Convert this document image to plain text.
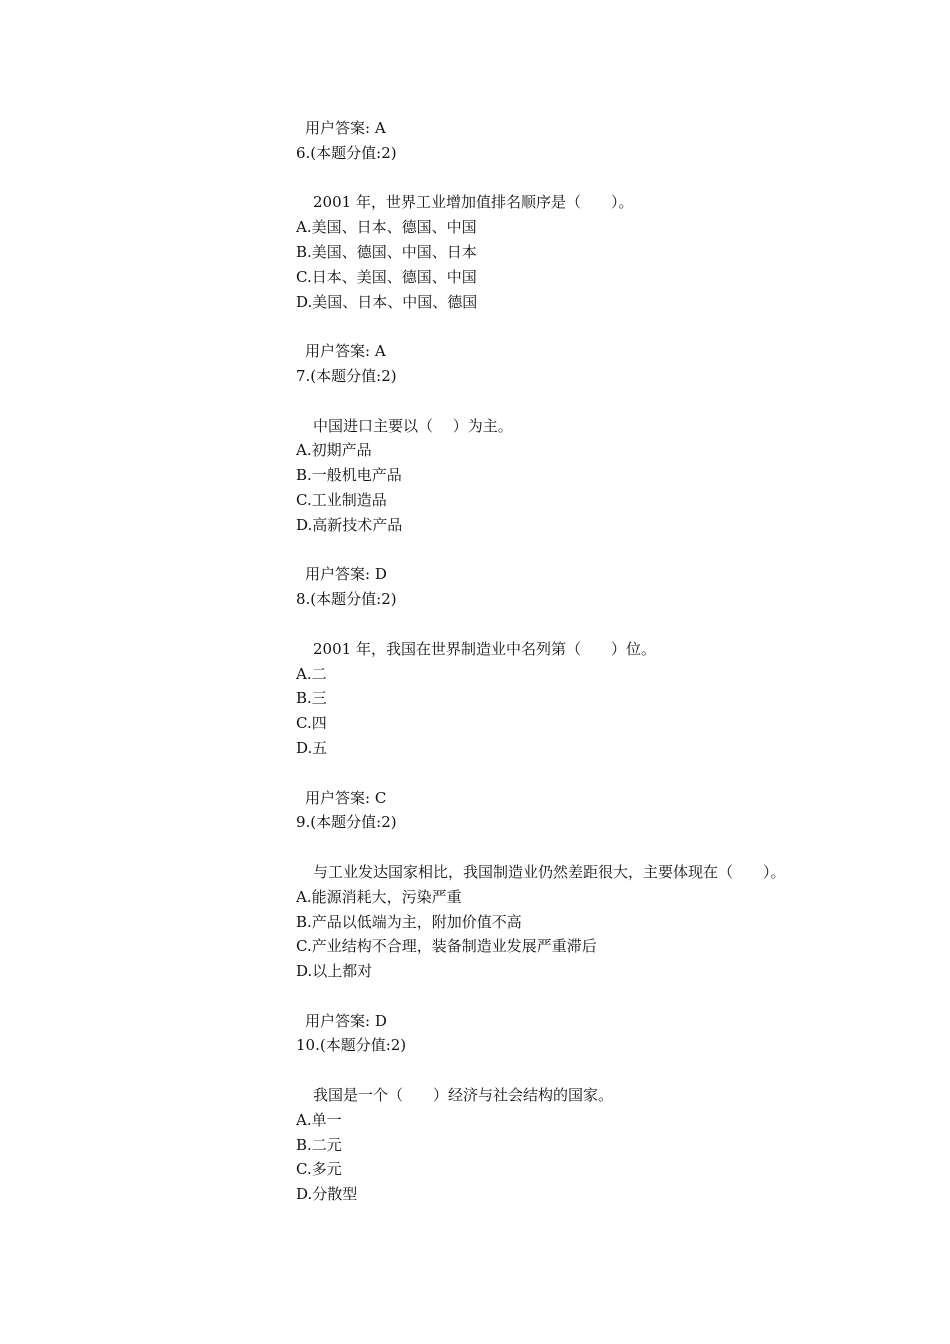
用户答案: A
6.(本题分值:2)
2001 年，世界工业增加值排名顺序是（　　）。
A.美国、日本、德国、中国
B.美国、德国、中国、日本
C.日本、美国、德国、中国
D.美国、日本、中国、德国
用户答案: A
7.(本题分值:2)
中国进口主要以（　 ）为主。
A.初期产品
B.一般机电产品
C.工业制造品
D.高新技术产品
用户答案: D
8.(本题分值:2)
2001 年，我国在世界制造业中名列第（　　）位。
A.二
B.三
C.四
D.五
用户答案: C
9.(本题分值:2)
与工业发达国家相比，我国制造业仍然差距很大，主要体现在（　　）。
A.能源消耗大，污染严重
B.产品以低端为主，附加价值不高
C.产业结构不合理，装备制造业发展严重滞后
D.以上都对
用户答案: D
10.(本题分值:2)
我国是一个（　　）经济与社会结构的国家。
A.单一
B.二元
C.多元
D.分散型
